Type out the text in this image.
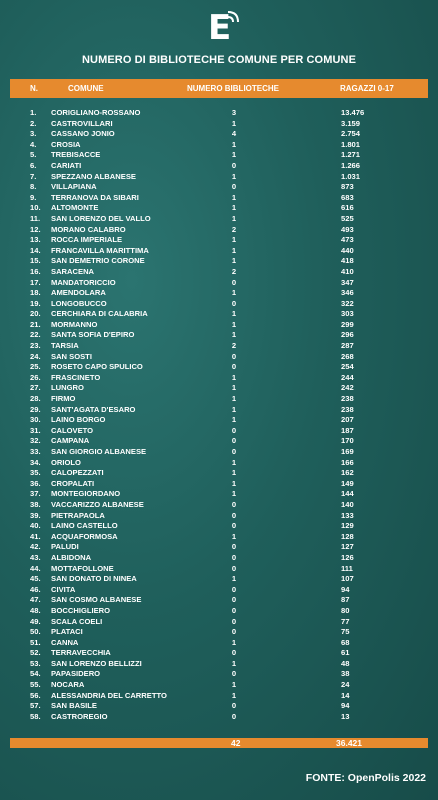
E
NUMERO DI BIBLIOTECHE COMUNE PER COMUNE
N.	COMUNE	NUMERO BIBLIOTECHE	RAGAZZI 0-17
1. CORIGLIANO-ROSSANO	3	13.476
2. CASTROVILLARI	1	3.159
3. CASSANO JONIO	4	2.754
4. CROSIA	1	1.801
5. TREBISACCE	1	1.271
6. CARIATI	0	1.266
7. SPEZZANO ALBANESE	1	1.031
8. VILLAPIANA	0	873
9. TERRANOVA DA SIBARI	1	683
10. ALTOMONTE	1	616
11. SAN LORENZO DEL VALLO	1	525
12. MORANO CALABRO	2	493
13. ROCCA IMPERIALE	1	473
14. FRANCAVILLA MARITTIMA	1	440
15. SAN DEMETRIO CORONE	1	418
16. SARACENA	2	410
17. MANDATORICCIO	0	347
18. AMENDOLARA	1	346
19. LONGOBUCCO	0	322
20. CERCHIARA DI CALABRIA	1	303
21. MORMANNO	1	299
22. SANTA SOFIA D'EPIRO	1	296
23. TARSIA	2	287
24. SAN SOSTI	0	268
25. ROSETO CAPO SPULICO	0	254
26. FRASCINETO	1	244
27. LUNGRO	1	242
28. FIRMO	1	238
29. SANT'AGATA D'ESARO	1	238
30. LAINO BORGO	1	207
31. CALOVETO	0	187
32. CAMPANA	0	170
33. SAN GIORGIO ALBANESE	0	169
34. ORIOLO	1	166
35. CALOPEZZATI	1	162
36. CROPALATI	1	149
37. MONTEGIORDANO	1	144
38. VACCARIZZO ALBANESE	0	140
39. PIETRAPAOLA	0	133
40. LAINO CASTELLO	0	129
41. ACQUAFORMOSA	1	128
42. PALUDI	0	127
43. ALBIDONA	0	126
44. MOTTAFOLLONE	0	111
45. SAN DONATO DI NINEA	1	107
46. CIVITA	0	94
47. SAN COSMO ALBANESE	0	87
48. BOCCHIGLIERO	0	80
49. SCALA COELI	0	77
50. PLATACI	0	75
51. CANNA	1	68
52. TERRAVECCHIA	0	61
53. SAN LORENZO BELLIZZI	1	48
54. PAPASIDERO	0	38
55. NOCARA	1	24
56. ALESSANDRIA DEL CARRETTO	1	14
57. SAN BASILE	0	94
58. CASTROREGIO	0	13
42	36.421
FONTE: OpenPolis 2022
